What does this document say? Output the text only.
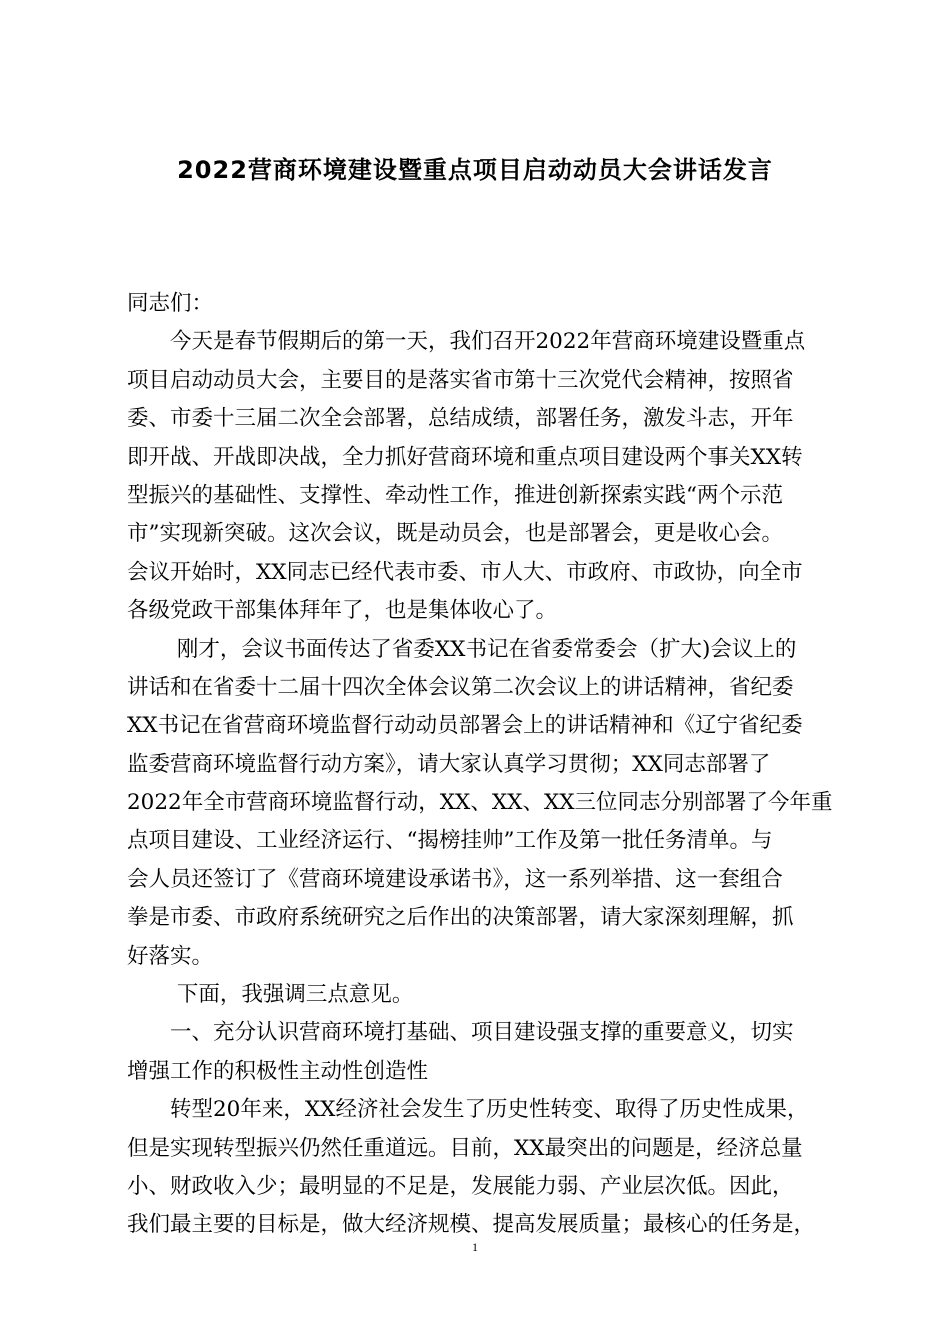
2022营商环境建设暨重点项目启动动员大会讲话发言
同志们：
　　今天是春节假期后的第一天，我们召开2022年营商环境建设暨重点
项目启动动员大会，主要目的是落实省市第十三次党代会精神，按照省
委、市委十三届二次全会部署，总结成绩，部署任务，激发斗志，开年
即开战、开战即决战，全力抓好营商环境和重点项目建设两个事关XX转
型振兴的基础性、支撑性、牵动性工作，推进创新探索实践“两个示范
市”实现新突破。这次会议，既是动员会，也是部署会，更是收心会。
会议开始时，XX同志已经代表市委、市人大、市政府、市政协，向全市
各级党政干部集体拜年了，也是集体收心了。
　　 刚才，会议书面传达了省委XX书记在省委常委会（扩大)会议上的
讲话和在省委十二届十四次全体会议第二次会议上的讲话精神，省纪委
XX书记在省营商环境监督行动动员部署会上的讲话精神和《辽宁省纪委
监委营商环境监督行动方案》，请大家认真学习贯彻；XX同志部署了
2022年全市营商环境监督行动，XX、XX、XX三位同志分别部署了今年重
点项目建设、工业经济运行、“揭榜挂帅”工作及第一批任务清单。与
会人员还签订了《营商环境建设承诺书》，这一系列举措、这一套组合
拳是市委、市政府系统研究之后作出的决策部署，请大家深刻理解，抓
好落实。
　　 下面，我强调三点意见。
　　一、充分认识营商环境打基础、项目建设强支撑的重要意义，切实
增强工作的积极性主动性创造性
　　转型20年来，XX经济社会发生了历史性转变、取得了历史性成果，
但是实现转型振兴仍然任重道远。目前，XX最突出的问题是，经济总量
小、财政收入少；最明显的不足是，发展能力弱、产业层次低。因此，
我们最主要的目标是，做大经济规模、提高发展质量；最核心的任务是，
1
